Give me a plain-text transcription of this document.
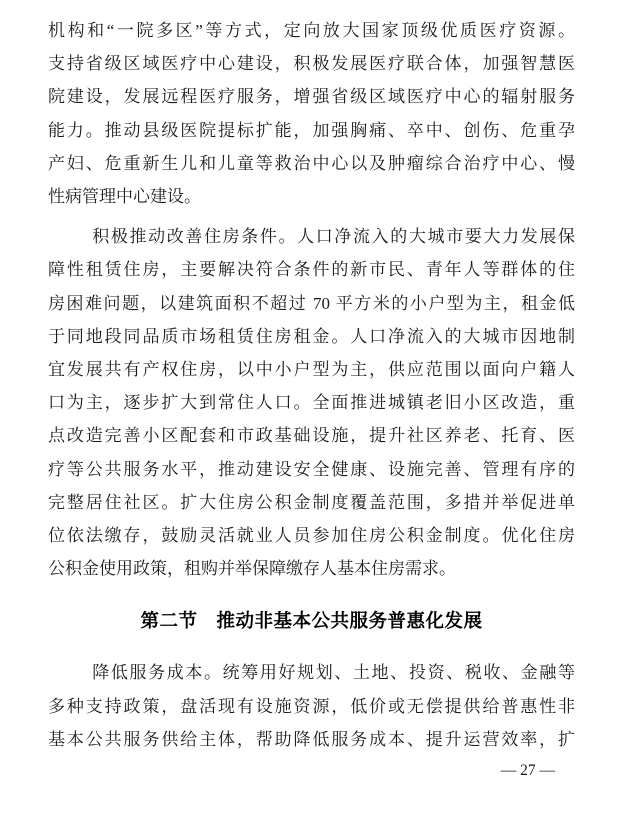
机构和“一院多区”等方式，定向放大国家顶级优质医疗资源。
支持省级区域医疗中心建设，积极发展医疗联合体，加强智慧医
院建设，发展远程医疗服务，增强省级区域医疗中心的辐射服务
能力。推动县级医院提标扩能，加强胸痛、卒中、创伤、危重孕
产妇、危重新生儿和儿童等救治中心以及肿瘤综合治疗中心、慢
性病管理中心建设。
积极推动改善住房条件。人口净流入的大城市要大力发展保
障性租赁住房，主要解决符合条件的新市民、青年人等群体的住
房困难问题，以建筑面积不超过 70 平方米的小户型为主，租金低
于同地段同品质市场租赁住房租金。人口净流入的大城市因地制
宜发展共有产权住房，以中小户型为主，供应范围以面向户籍人
口为主，逐步扩大到常住人口。全面推进城镇老旧小区改造，重
点改造完善小区配套和市政基础设施，提升社区养老、托育、医
疗等公共服务水平，推动建设安全健康、设施完善、管理有序的
完整居住社区。扩大住房公积金制度覆盖范围，多措并举促进单
位依法缴存，鼓励灵活就业人员参加住房公积金制度。优化住房
公积金使用政策，租购并举保障缴存人基本住房需求。
第二节　推动非基本公共服务普惠化发展
降低服务成本。统筹用好规划、土地、投资、税收、金融等
多种支持政策，盘活现有设施资源，低价或无偿提供给普惠性非
基本公共服务供给主体，帮助降低服务成本、提升运营效率，扩
— 27 —
